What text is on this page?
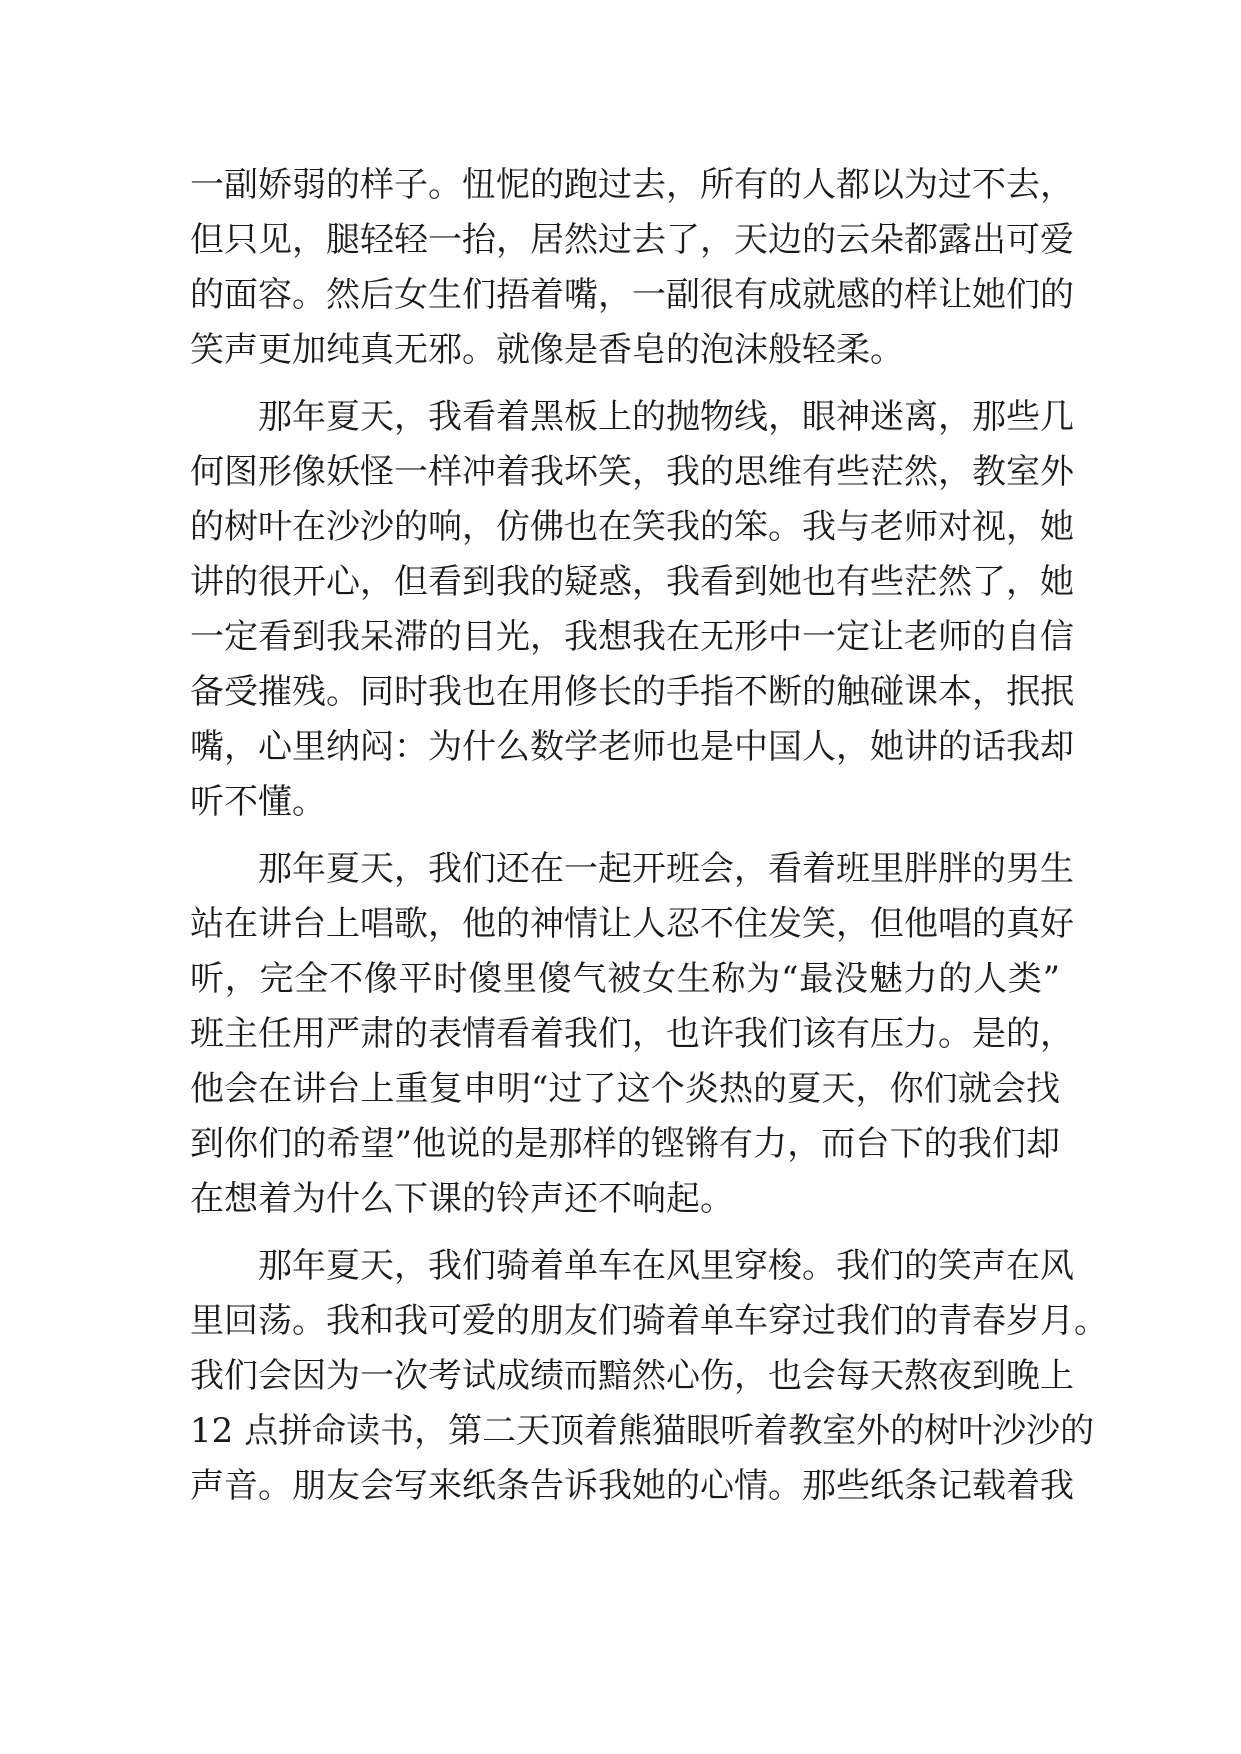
一副娇弱的样子。忸怩的跑过去，所有的人都以为过不去，
但只见，腿轻轻一抬，居然过去了，天边的云朵都露出可爱
的面容。然后女生们捂着嘴，一副很有成就感的样让她们的
笑声更加纯真无邪。就像是香皂的泡沫般轻柔。
那年夏天，我看着黑板上的抛物线，眼神迷离，那些几
何图形像妖怪一样冲着我坏笑，我的思维有些茫然，教室外
的树叶在沙沙的响，仿佛也在笑我的笨。我与老师对视，她
讲的很开心，但看到我的疑惑，我看到她也有些茫然了，她
一定看到我呆滞的目光，我想我在无形中一定让老师的自信
备受摧残。同时我也在用修长的手指不断的触碰课本，抿抿
嘴，心里纳闷：为什么数学老师也是中国人，她讲的话我却
听不懂。
那年夏天，我们还在一起开班会，看着班里胖胖的男生
站在讲台上唱歌，他的神情让人忍不住发笑，但他唱的真好
听，完全不像平时傻里傻气被女生称为“最没魅力的人类”
班主任用严肃的表情看着我们，也许我们该有压力。是的，
他会在讲台上重复申明“过了这个炎热的夏天，你们就会找
到你们的希望”他说的是那样的铿锵有力，而台下的我们却
在想着为什么下课的铃声还不响起。
那年夏天，我们骑着单车在风里穿梭。我们的笑声在风
里回荡。我和我可爱的朋友们骑着单车穿过我们的青春岁月。
我们会因为一次考试成绩而黯然心伤，也会每天熬夜到晚上
12 点拼命读书，第二天顶着熊猫眼听着教室外的树叶沙沙的
声音。朋友会写来纸条告诉我她的心情。那些纸条记载着我
